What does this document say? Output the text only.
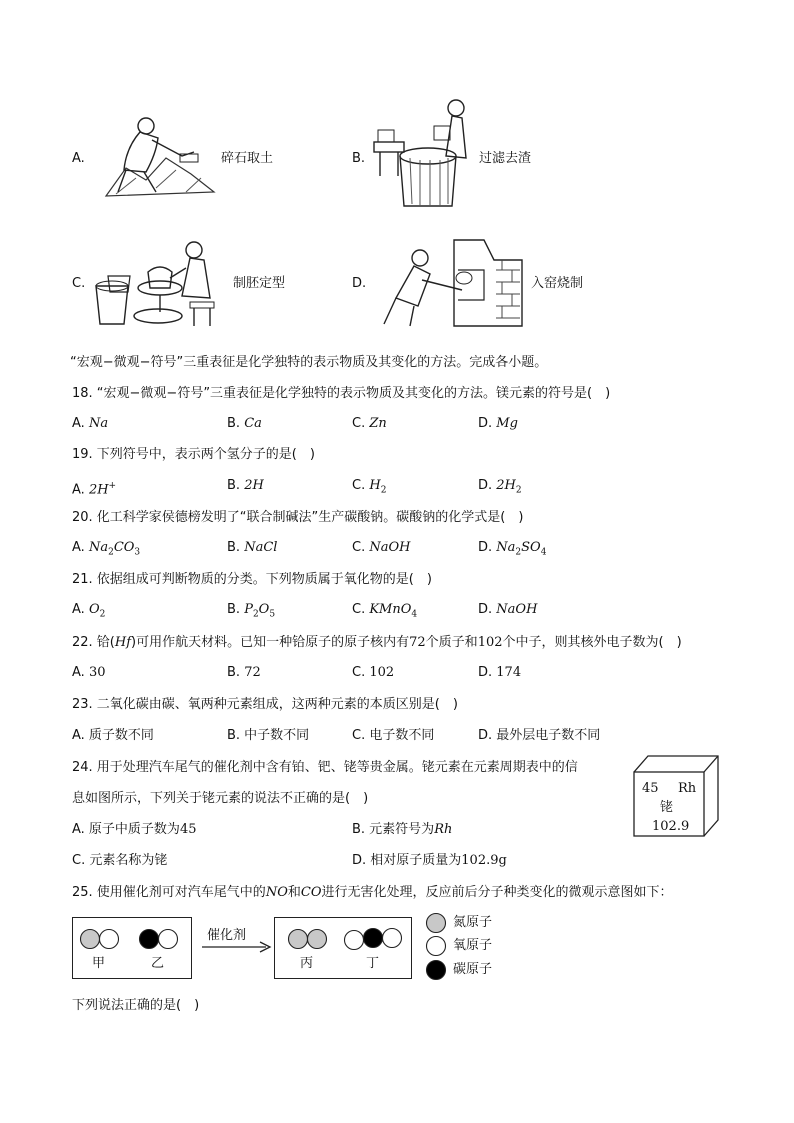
A.	碎石取土	B.	过滤去渣
C.	制胚定型	D.	入窑烧制
“宏观−微观−符号”三重表征是化学独特的表示物质及其变化的方法。完成各小题。
18. “宏观−微观−符号”三重表征是化学独特的表示物质及其变化的方法。镁元素的符号是(　)
A. Na	B. Ca	C. Zn	D. Mg
19. 下列符号中，表示两个氢分子的是(　)
A. 2H+	B. 2H	C. $H_2$	D. $2H_2$
20. 化工科学家侯德榜发明了“联合制碱法”生产碳酸钠。碳酸钠的化学式是(　)
A. $Na_2CO_3$	B. NaCl	C. NaOH	D. $Na_2SO_4$
21. 依据组成可判断物质的分类。下列物质属于氧化物的是(　)
A. $O_2$	B. $P_2O_5$	C. KMnO$_4$	D. NaOH
22. 铪(Hf)可用作航天材料。已知一种铪原子的原子核内有72个质子和102个中子，则其核外电子数为(　)
A. 30	B. 72	C. 102	D. 174
23. 二氧化碳由碳、氧两种元素组成，这两种元素的本质区别是(　)
A. 质子数不同	B. 中子数不同	C. 电子数不同	D. 最外层电子数不同
24. 用于处理汽车尾气的催化剂中含有铂、钯、铑等贵金属。铑元素在元素周期表中的信
息如图所示，下列关于铑元素的说法不正确的是(　)
A. 原子中质子数为45	B. 元素符号为Rh
C. 元素名称为铑	D. 相对原子质量为102.9g
45 Rh
铑
102.9
25. 使用催化剂可对汽车尾气中的NO和CO进行无害化处理，反应前后分子种类变化的微观示意图如下：
甲	乙
催化剂
丙	丁
氮原子
氧原子
碳原子
下列说法正确的是(　)
